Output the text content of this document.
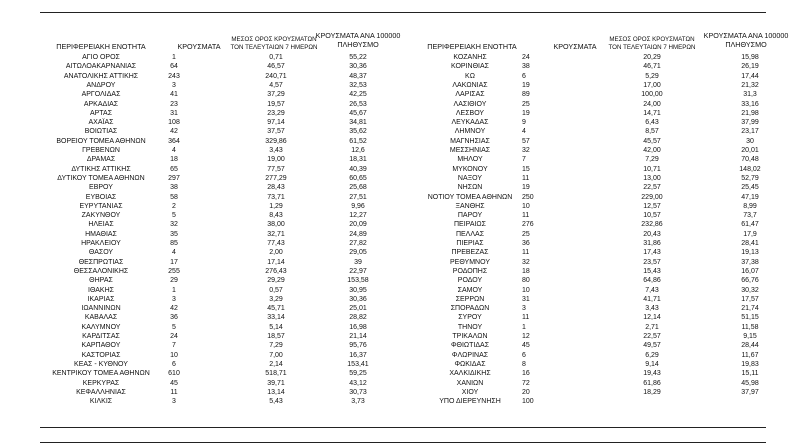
ΠΕΡΙΦΕΡΕΙΑΚΗ ΕΝΟΤΗΤΑ	ΚΡΟΥΣΜΑΤΑ
ΜΕΣΟΣ ΟΡΟΣ ΚΡΟΥΣΜΑΤΩΝ
ΤΟΝ ΤΕΛΕΥΤΑΙΩΝ 7 ΗΜΕΡΩΝ
ΚΡΟΥΣΜΑΤΑ ΑΝΑ 100000
ΠΛΗΘΥΣΜΟ
ΑΓΙΟ ΟΡΟΣ	1	0,71	55,22
ΑΙΤΩΛΟΑΚΑΡΝΑΝΙΑΣ	64	46,57	30,36
ΑΝΑΤΟΛΙΚΗΣ ΑΤΤΙΚΗΣ	243	240,71	48,37
ΑΝΔΡΟΥ	3	4,57	32,53
ΑΡΓΟΛΙΔΑΣ	41	37,29	42,25
ΑΡΚΑΔΙΑΣ	23	19,57	26,53
ΑΡΤΑΣ	31	23,29	45,67
ΑΧΑΪΑΣ	108	97,14	34,81
ΒΟΙΩΤΙΑΣ	42	37,57	35,62
ΒΟΡΕΙΟΥ ΤΟΜΕΑ ΑΘΗΝΩΝ	364	329,86	61,52
ΓΡΕΒΕΝΩΝ	4	3,43	12,6
ΔΡΑΜΑΣ	18	19,00	18,31
ΔΥΤΙΚΗΣ ΑΤΤΙΚΗΣ	65	77,57	40,39
ΔΥΤΙΚΟΥ ΤΟΜΕΑ ΑΘΗΝΩΝ	297	277,29	60,65
ΕΒΡΟΥ	38	28,43	25,68
ΕΥΒΟΙΑΣ	58	73,71	27,51
ΕΥΡΥΤΑΝΙΑΣ	2	1,29	9,96
ΖΑΚΥΝΘΟΥ	5	8,43	12,27
ΗΛΕΙΑΣ	32	38,00	20,09
ΗΜΑΘΙΑΣ	35	32,71	24,89
ΗΡΑΚΛΕΙΟΥ	85	77,43	27,82
ΘΑΣΟΥ	4	2,00	29,05
ΘΕΣΠΡΩΤΙΑΣ	17	17,14	39
ΘΕΣΣΑΛΟΝΙΚΗΣ	255	276,43	22,97
ΘΗΡΑΣ	29	29,29	153,58
ΙΘΑΚΗΣ	1	0,57	30,95
ΙΚΑΡΙΑΣ	3	3,29	30,36
ΙΩΑΝΝΙΝΩΝ	42	45,71	25,01
ΚΑΒΑΛΑΣ	36	33,14	28,82
ΚΑΛΥΜΝΟΥ	5	5,14	16,98
ΚΑΡΔΙΤΣΑΣ	24	18,57	21,14
ΚΑΡΠΑΘΟΥ	7	7,29	95,76
ΚΑΣΤΟΡΙΑΣ	10	7,00	16,37
ΚΕΑΣ - ΚΥΘΝΟΥ	6	2,14	153,41
ΚΕΝΤΡΙΚΟΥ ΤΟΜΕΑ ΑΘΗΝΩΝ	610	518,71	59,25
ΚΕΡΚΥΡΑΣ	45	39,71	43,12
ΚΕΦΑΛΛΗΝΙΑΣ	11	13,14	30,73
ΚΙΛΚΙΣ	3	5,43	3,73
ΠΕΡΙΦΕΡΕΙΑΚΗ ΕΝΟΤΗΤΑ	ΚΡΟΥΣΜΑΤΑ
ΜΕΣΟΣ ΟΡΟΣ ΚΡΟΥΣΜΑΤΩΝ
ΤΟΝ ΤΕΛΕΥΤΑΙΩΝ 7 ΗΜΕΡΩΝ
ΚΡΟΥΣΜΑΤΑ ΑΝΑ 100000
ΠΛΗΘΥΣΜΟ
ΚΟΖΑΝΗΣ	24	20,29	15,98
ΚΟΡΙΝΘΙΑΣ	38	46,71	26,19
ΚΩ	6	5,29	17,44
ΛΑΚΩΝΙΑΣ	19	17,00	21,32
ΛΑΡΙΣΑΣ	89	100,00	31,3
ΛΑΣΙΘΙΟΥ	25	24,00	33,16
ΛΕΣΒΟΥ	19	14,71	21,98
ΛΕΥΚΑΔΑΣ	9	6,43	37,99
ΛΗΜΝΟΥ	4	8,57	23,17
ΜΑΓΝΗΣΙΑΣ	57	45,57	30
ΜΕΣΣΗΝΙΑΣ	32	42,00	20,01
ΜΗΛΟΥ	7	7,29	70,48
ΜΥΚΟΝΟΥ	15	10,71	148,02
ΝΑΞΟΥ	11	13,00	52,79
ΝΗΣΩΝ	19	22,57	25,45
ΝΟΤΙΟΥ ΤΟΜΕΑ ΑΘΗΝΩΝ	250	229,00	47,19
ΞΑΝΘΗΣ	10	12,57	8,99
ΠΑΡΟΥ	11	10,57	73,7
ΠΕΙΡΑΙΩΣ	276	232,86	61,47
ΠΕΛΛΑΣ	25	20,43	17,9
ΠΙΕΡΙΑΣ	36	31,86	28,41
ΠΡΕΒΕΖΑΣ	11	17,43	19,13
ΡΕΘΥΜΝΟΥ	32	23,57	37,38
ΡΟΔΟΠΗΣ	18	15,43	16,07
ΡΟΔΟΥ	80	64,86	66,76
ΣΑΜΟΥ	10	7,43	30,32
ΣΕΡΡΩΝ	31	41,71	17,57
ΣΠΟΡΑΔΩΝ	3	3,43	21,74
ΣΥΡΟΥ	11	12,14	51,15
ΤΗΝΟΥ	1	2,71	11,58
ΤΡΙΚΑΛΩΝ	12	22,57	9,15
ΦΘΙΩΤΙΔΑΣ	45	49,57	28,44
ΦΛΩΡΙΝΑΣ	6	6,29	11,67
ΦΩΚΙΔΑΣ	8	9,14	19,83
ΧΑΛΚΙΔΙΚΗΣ	16	19,43	15,11
ΧΑΝΙΩΝ	72	61,86	45,98
ΧΙΟΥ	20	18,29	37,97
ΥΠΟ ΔΙΕΡΕΥΝΗΣΗ	100
